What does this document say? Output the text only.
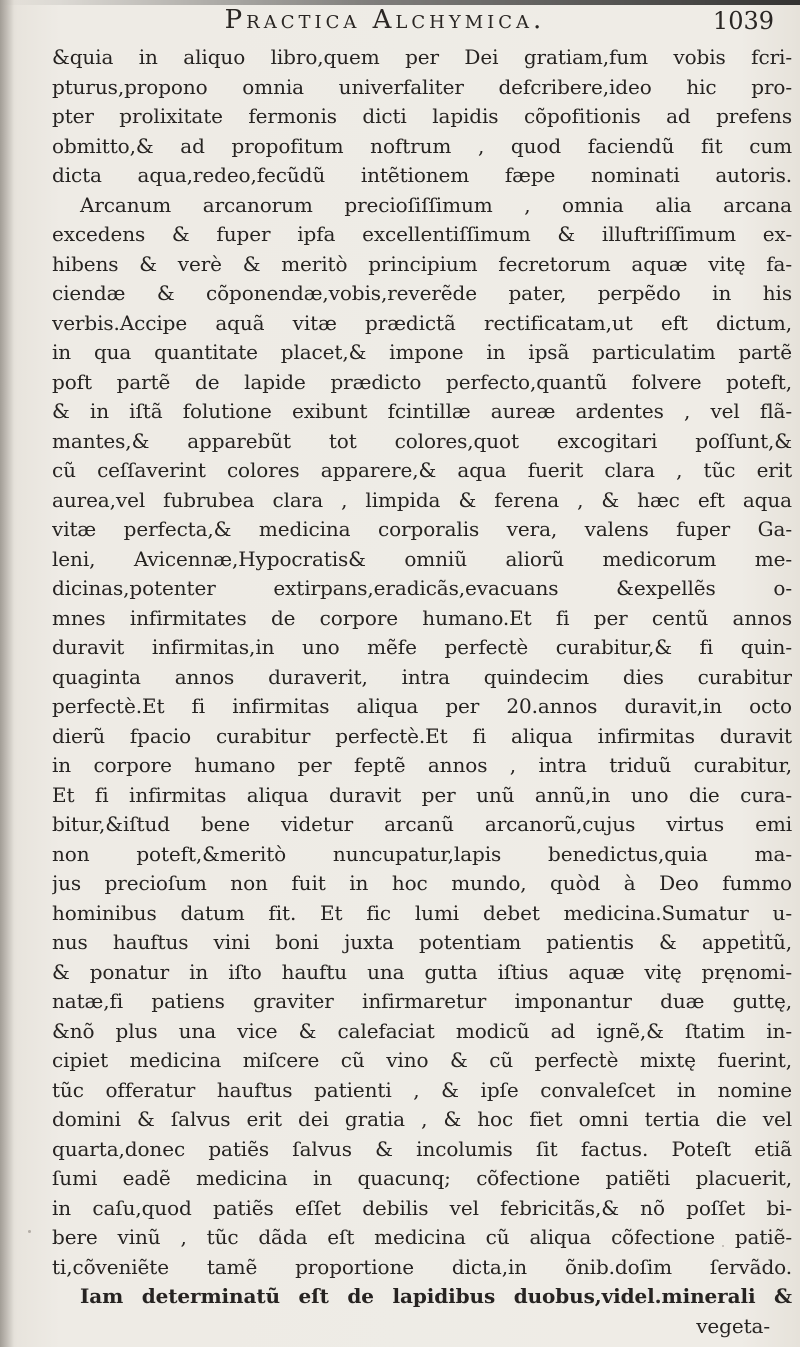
Practica Alchymica.	1039
&quia in aliquo libro,quem per Dei gratiam,fum vobis fcri-
pturus,propono omnia univerfaliter defcribere,ideo hic pro-
pter prolixitate fermonis dicti lapidis cõpofitionis ad prefens
obmitto,& ad propofitum noftrum , quod faciendũ fit cum
dicta aqua,redeo,fecũdũ intẽtionem fæpe nominati autoris.
Arcanum arcanorum precioſiſſimum , omnia alia arcana
excedens & fuper ipfa excellentiſſimum & illuftriſſimum ex-
hibens & verè & meritò principium fecretorum aquæ vitę fa-
ciendæ & cõponendæ,vobis,reverẽde pater, perpẽdo in his
verbis.Accipe aquã vitæ prædictã rectificatam,ut eft dictum,
in qua quantitate placet,& impone in ipsã particulatim partẽ
poft partẽ de lapide prædicto perfecto,quantũ folvere poteft,
& in iſtã folutione exibunt fcintillæ aureæ ardentes , vel flã-
mantes,& apparebũt tot colores,quot excogitari poſſunt,&
cũ ceſſaverint colores apparere,& aqua fuerit clara , tũc erit
aurea,vel fubrubea clara , limpida & ferena , & hæc eft aqua
vitæ perfecta,& medicina corporalis vera, valens fuper Ga-
leni, Avicennæ,Hypocratis& omniũ aliorũ medicorum me-
dicinas,potenter extirpans,eradicãs,evacuans &expellẽs o-
mnes infirmitates de corpore humano.Et fi per centũ annos
duravit infirmitas,in uno mẽfe perfectè curabitur,& fi quin-
quaginta annos duraverit, intra quindecim dies curabitur
perfectè.Et fi infirmitas aliqua per 20.annos duravit,in octo
dierũ fpacio curabitur perfectè.Et fi aliqua infirmitas duravit
in corpore humano per feptẽ annos , intra triduũ curabitur,
Et fi infirmitas aliqua duravit per unũ annũ,in uno die cura-
bitur,&iſtud bene videtur arcanũ arcanorũ,cujus virtus emi
non poteft,&meritò nuncupatur,lapis benedictus,quia ma-
jus precioſum non fuit in hoc mundo, quòd à Deo fummo
hominibus datum fit. Et fic lumi debet medicina.Sumatur u-
nus hauftus vini boni juxta potentiam patientis & appetitũ,
& ponatur in iſto hauftu una gutta iſtius aquæ vitę pręnomi-
natæ,fi patiens graviter infirmaretur imponantur duæ guttę,
&nõ plus una vice & calefaciat modicũ ad ignẽ,& ſtatim in-
cipiet medicina miſcere cũ vino & cũ perfectè mixtę fuerint,
tũc offeratur hauftus patienti , & ipſe convaleſcet in nomine
domini & ſalvus erit dei gratia , & hoc fiet omni tertia die vel
quarta,donec patiẽs ſalvus & incolumis ſit factus. Poteſt etiã
ſumi eadẽ medicina in quacunq; cõfectione patiẽti placuerit,
in caſu,quod patiẽs eſſet debilis vel febricitãs,& nõ poſſet bi-
bere vinũ , tũc dãda eſt medicina cũ aliqua cõfectione patiẽ-
ti,cõveniẽte tamẽ proportione dicta,in õnib.doſim ſervãdo.
Iam determinatũ eſt de lapidibus duobus,videl.minerali &
vegeta-
